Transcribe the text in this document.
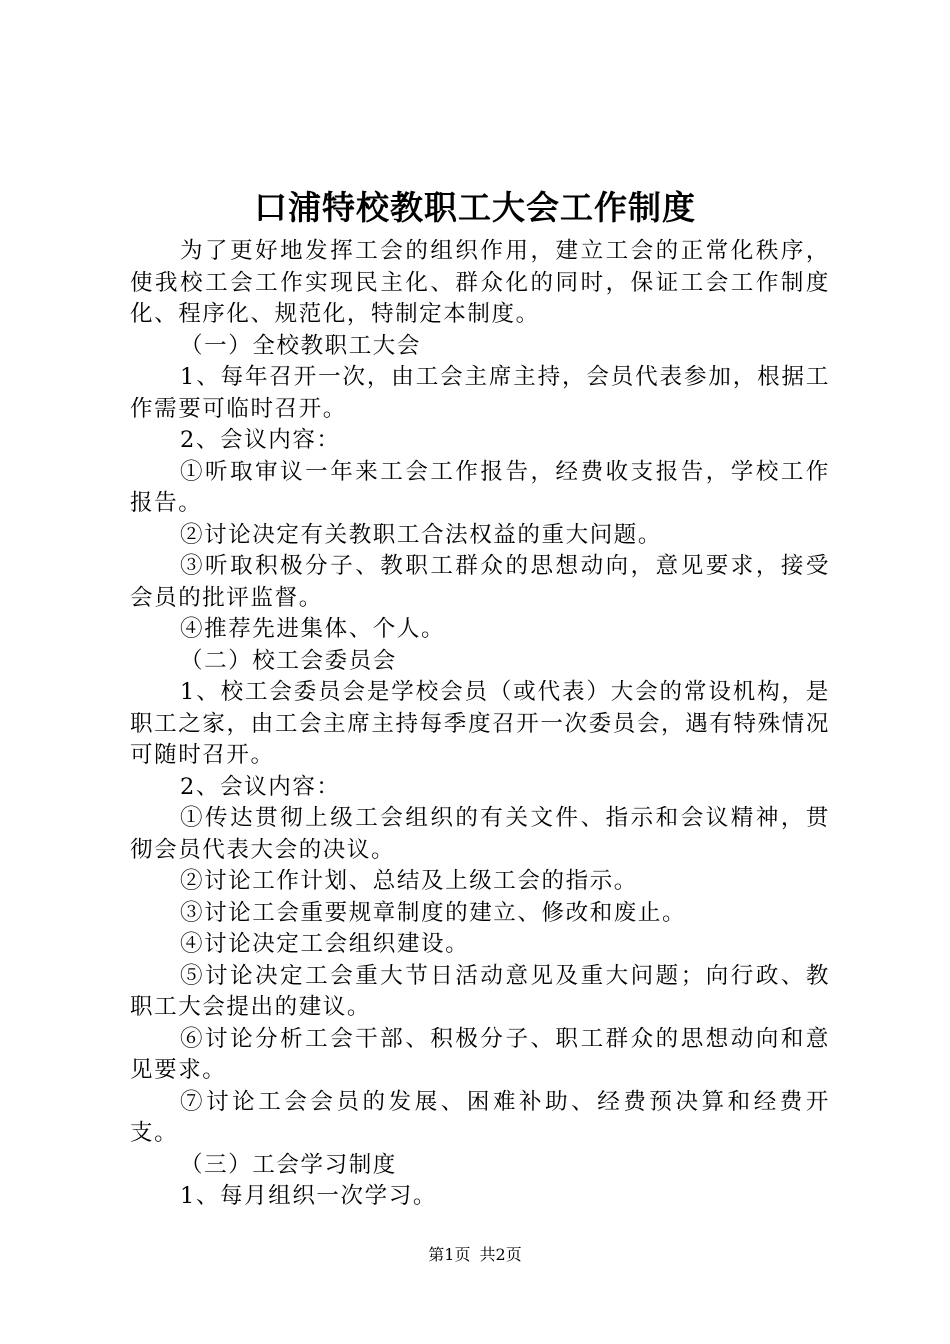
口浦特校教职工大会工作制度

为了更好地发挥工会的组织作用，建立工会的正常化秩序，使我校工会工作实现民主化、群众化的同时，保证工会工作制度化、程序化、规范化，特制定本制度。

（一）全校教职工大会

1、每年召开一次，由工会主席主持，会员代表参加，根据工作需要可临时召开。

2、会议内容：

①听取审议一年来工会工作报告，经费收支报告，学校工作报告。

②讨论决定有关教职工合法权益的重大问题。

③听取积极分子、教职工群众的思想动向，意见要求，接受会员的批评监督。

④推荐先进集体、个人。

（二）校工会委员会

1、校工会委员会是学校会员（或代表）大会的常设机构，是职工之家，由工会主席主持每季度召开一次委员会，遇有特殊情况可随时召开。

2、会议内容：

①传达贯彻上级工会组织的有关文件、指示和会议精神，贯彻会员代表大会的决议。

②讨论工作计划、总结及上级工会的指示。

③讨论工会重要规章制度的建立、修改和废止。

④讨论决定工会组织建设。

⑤讨论决定工会重大节日活动意见及重大问题；向行政、教职工大会提出的建议。

⑥讨论分析工会干部、积极分子、职工群众的思想动向和意见要求。

⑦讨论工会会员的发展、困难补助、经费预决算和经费开支。

（三）工会学习制度

1、每月组织一次学习。

第1页 共2页
